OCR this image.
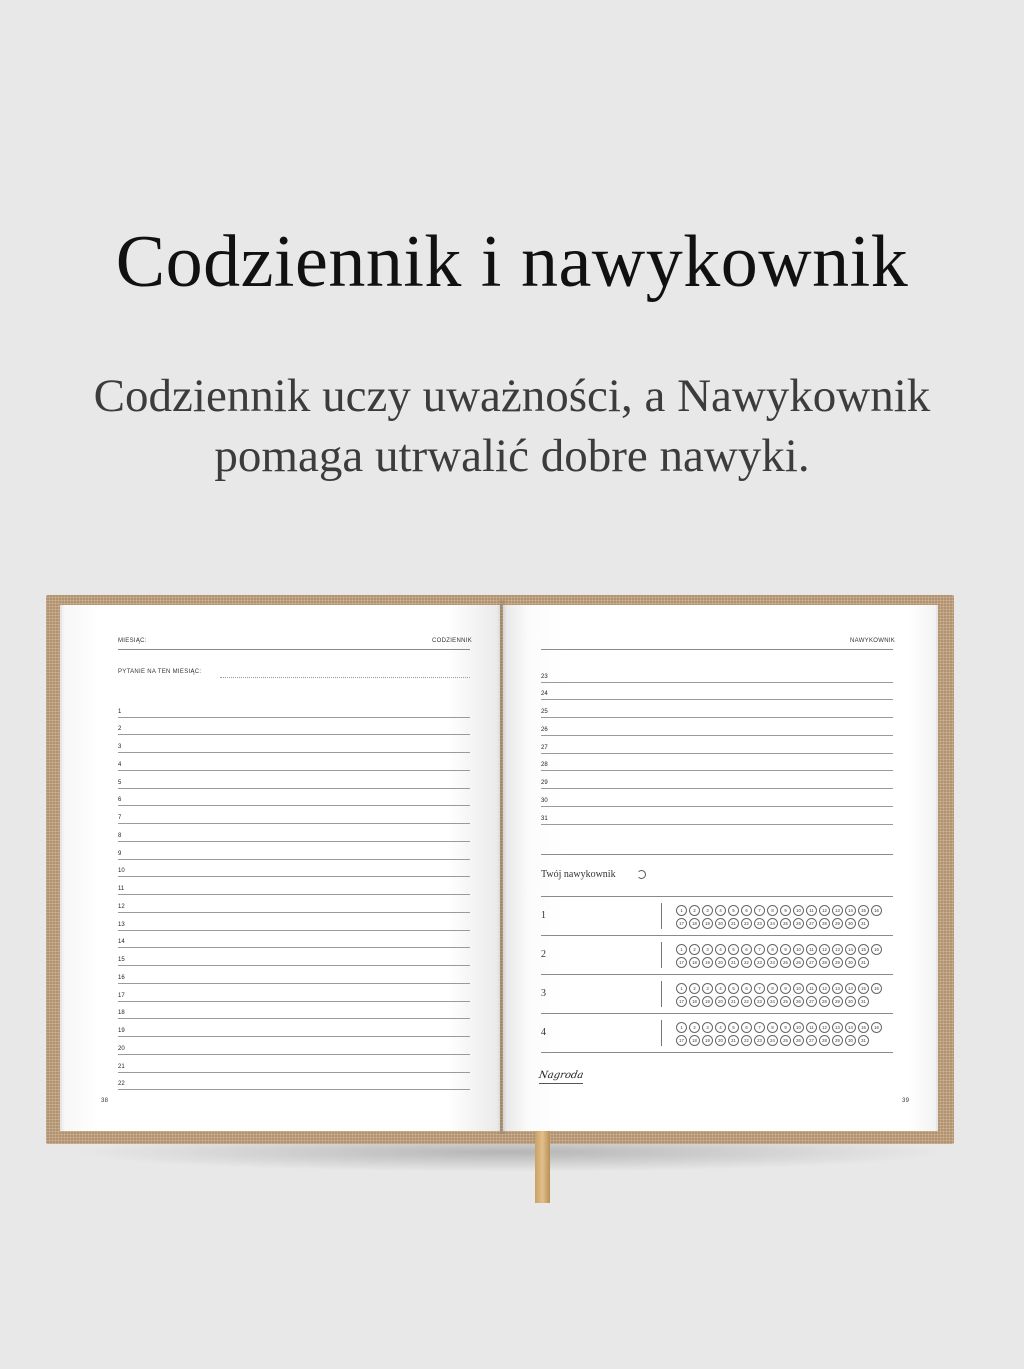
Codziennik i nawykownik

Codziennik uczy uważności, a Nawykownik
pomaga utrwalić dobre nawyki.

MIESIĄC:	CODZIENNIK
PYTANIE NA TEN MIESIĄC:
1
2
3
4
5
6
7
8
9
10
11
12
13
14
15
16
17
18
19
20
21
22
38
NAWYKOWNIK
23
24
25
26
27
28
29
30
31
Twój nawykownik
1	1	2	3	4	5	6	7	8	9	10	11	12	13	14	15	16
17	18	19	20	21	22	23	24	25	26	27	28	29	30	31
2	1	2	3	4	5	6	7	8	9	10	11	12	13	14	15	16
17	18	19	20	21	22	23	24	25	26	27	28	29	30	31
3	1	2	3	4	5	6	7	8	9	10	11	12	13	14	15	16
17	18	19	20	21	22	23	24	25	26	27	28	29	30	31
4	1	2	3	4	5	6	7	8	9	10	11	12	13	14	15	16
17	18	19	20	21	22	23	24	25	26	27	28	29	30	31
Nagroda
39
